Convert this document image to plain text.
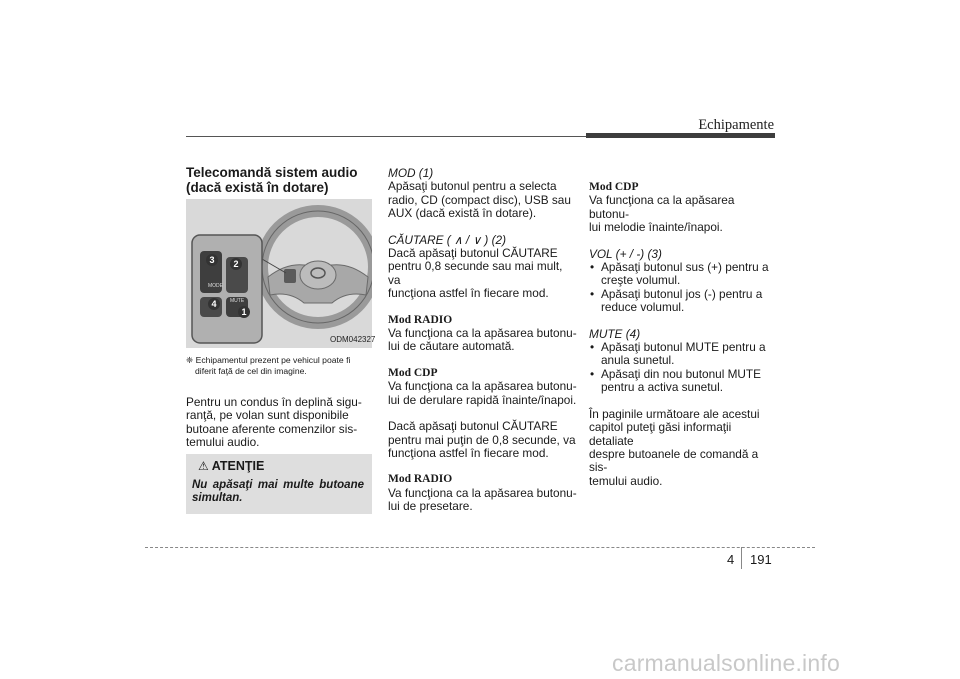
Echipamente
Telecomandă sistem audio
(dacă există în dotare)
MODE
MUTE
3	2
4
1
ODM042327
❈ Echipamentul prezent pe vehicul poate fi
diferit faţă de cel din imagine.

Pentru un condus în deplină sigu-

ranţă, pe volan sunt disponibile

butoane aferente comenzilor sis-

temului audio.

⚠ ATENŢIE
Nu apăsaţi mai multe butoane simultan.

MOD (1)

Apăsaţi butonul pentru a selecta

radio, CD (compact disc), USB sau

AUX (dacă există în dotare).

CĂUTARE ( ∧ / ∨ ) (2)

Dacă apăsaţi butonul CĂUTARE

pentru 0,8 secunde sau mai mult, va

funcţiona astfel în fiecare mod.

Mod RADIO

Va funcţiona ca la apăsarea butonu-

lui de căutare automată.

Mod CDP

Va funcţiona ca la apăsarea butonu-

lui de derulare rapidă înainte/înapoi.

Dacă apăsaţi butonul CĂUTARE

pentru mai puţin de 0,8 secunde, va

funcţiona astfel în fiecare mod.

Mod RADIO

Va funcţiona ca la apăsarea butonu-

lui de presetare.

Mod CDP

Va funcţiona ca la apăsarea butonu-

lui melodie înainte/înapoi.

VOL (+ / -) (3)

• Apăsaţi butonul sus (+) pentru a

creşte volumul.

• Apăsaţi butonul jos (-) pentru a

reduce volumul.

MUTE (4)

• Apăsaţi butonul MUTE pentru a

anula sunetul.

• Apăsaţi din nou butonul MUTE

pentru a activa sunetul.

În paginile următoare ale acestui

capitol puteţi găsi informaţii detaliate

despre butoanele de comandă a sis-

temului audio.

4 191
carmanualsonline.info
